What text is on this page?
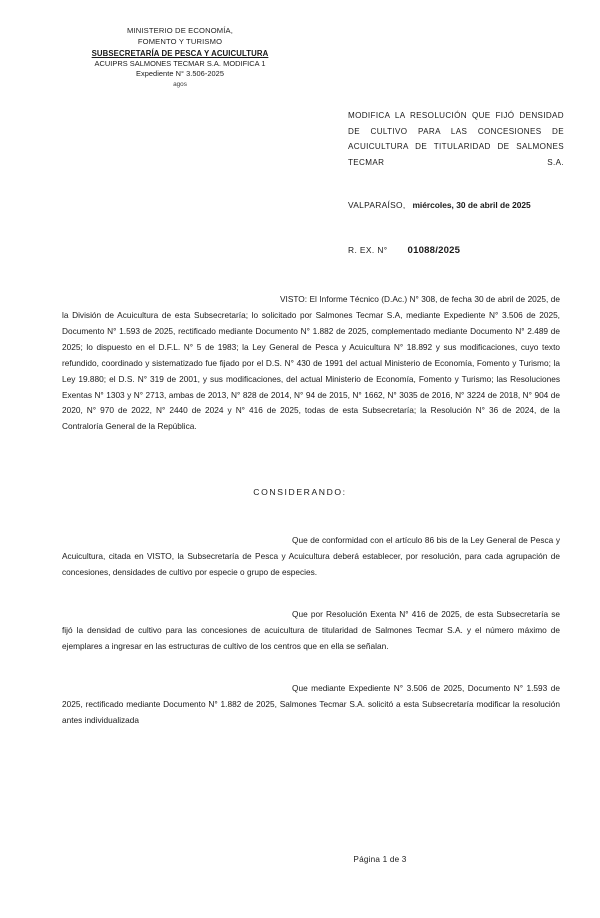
MINISTERIO DE ECONOMÍA,
FOMENTO Y TURISMO
SUBSECRETARÍA DE PESCA Y ACUICULTURA
ACUIPRS SALMONES TECMAR S.A. MODIFICA 1
Expediente N° 3.506-2025
agos
MODIFICA LA RESOLUCIÓN QUE FIJÓ DENSIDAD DE CULTIVO PARA LAS CONCESIONES DE ACUICULTURA DE TITULARIDAD DE SALMONES TECMAR S.A.
VALPARAÍSO, miércoles, 30 de abril de 2025
R. EX. N° 01088/2025

VISTO: El Informe Técnico (D.Ac.) N° 308, de fecha 30 de abril de 2025, de la División de Acuicultura de esta Subsecretaría; lo solicitado por Salmones Tecmar S.A, mediante Expediente N° 3.506 de 2025, Documento N° 1.593 de 2025, rectificado mediante Documento N° 1.882 de 2025, complementado mediante Documento N° 2.489 de 2025; lo dispuesto en el D.F.L. N° 5 de 1983; la Ley General de Pesca y Acuicultura N° 18.892 y sus modificaciones, cuyo texto refundido, coordinado y sistematizado fue fijado por el D.S. N° 430 de 1991 del actual Ministerio de Economía, Fomento y Turismo; la Ley 19.880; el D.S. N° 319 de 2001, y sus modificaciones, del actual Ministerio de Economía, Fomento y Turismo; las Resoluciones Exentas N° 1303 y N° 2713, ambas de 2013, N° 828 de 2014, N° 94 de 2015, N° 1662, N° 3035 de 2016, N° 3224 de 2018, N° 904 de 2020, N° 970 de 2022, N° 2440 de 2024 y N° 416 de 2025, todas de esta Subsecretaría; la Resolución N° 36 de 2024, de la Contraloría General de la República.

CONSIDERANDO:

Que de conformidad con el artículo 86 bis de la Ley General de Pesca y Acuicultura, citada en VISTO, la Subsecretaría de Pesca y Acuicultura deberá establecer, por resolución, para cada agrupación de concesiones, densidades de cultivo por especie o grupo de especies.

Que por Resolución Exenta N° 416 de 2025, de esta Subsecretaría se fijó la densidad de cultivo para las concesiones de acuicultura de titularidad de Salmones Tecmar S.A. y el número máximo de ejemplares a ingresar en las estructuras de cultivo de los centros que en ella se señalan.

Que mediante Expediente N° 3.506 de 2025, Documento N° 1.593 de 2025, rectificado mediante Documento N° 1.882 de 2025, Salmones Tecmar S.A. solicitó a esta Subsecretaría modificar la resolución antes individualizada

Página 1 de 3
